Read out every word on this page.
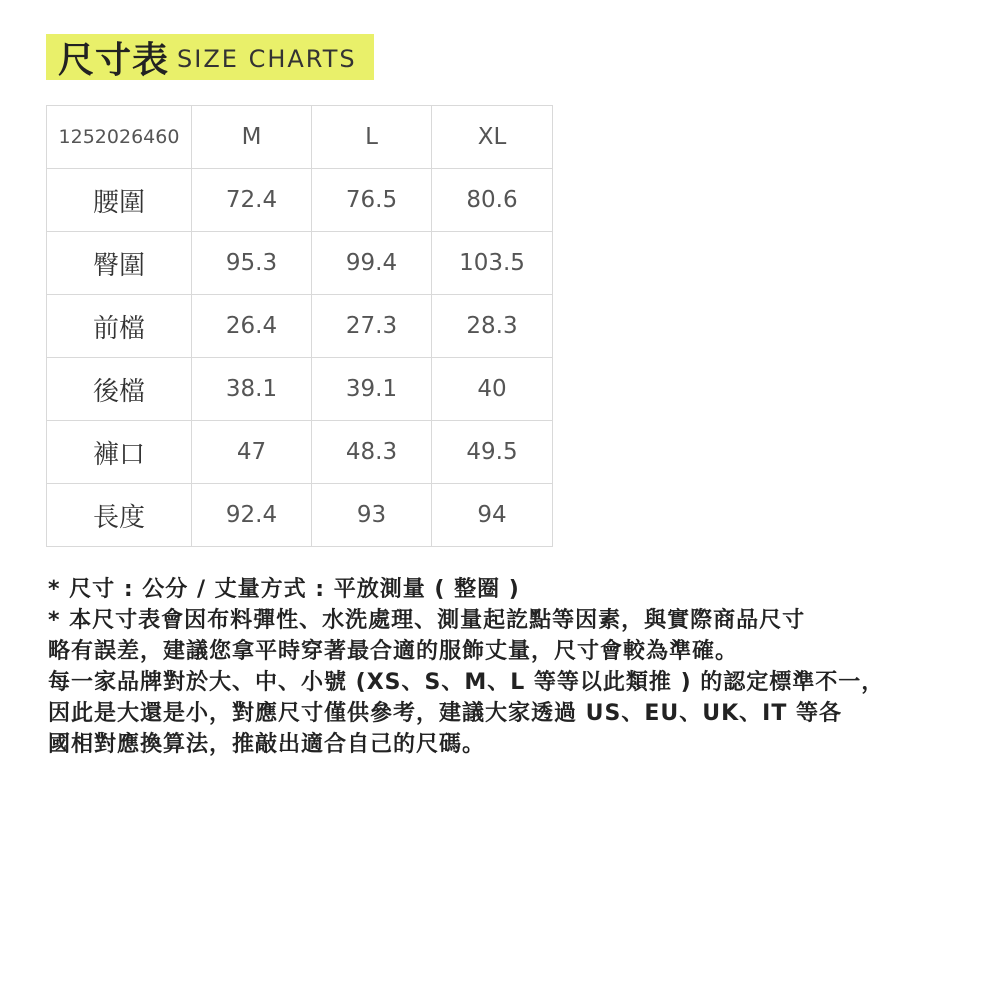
尺寸表 SIZE CHARTS
1252026460	M	L	XL
腰圍	72.4	76.5	80.6
臀圍	95.3	99.4	103.5
前檔	26.4	27.3	28.3
後檔	38.1	39.1	40
褲口	47	48.3	49.5
長度	92.4	93	94
* 尺寸 : 公分 / 丈量方式 : 平放測量 ( 整圈 )
* 本尺寸表會因布料彈性、水洗處理、測量起訖點等因素，與實際商品尺寸
略有誤差，建議您拿平時穿著最合適的服飾丈量，尺寸會較為準確。
每一家品牌對於大、中、小號 (XS、S、M、L 等等以此類推 ) 的認定標準不一，
因此是大還是小，對應尺寸僅供參考，建議大家透過 US、EU、UK、IT 等各
國相對應換算法，推敲出適合自己的尺碼。
